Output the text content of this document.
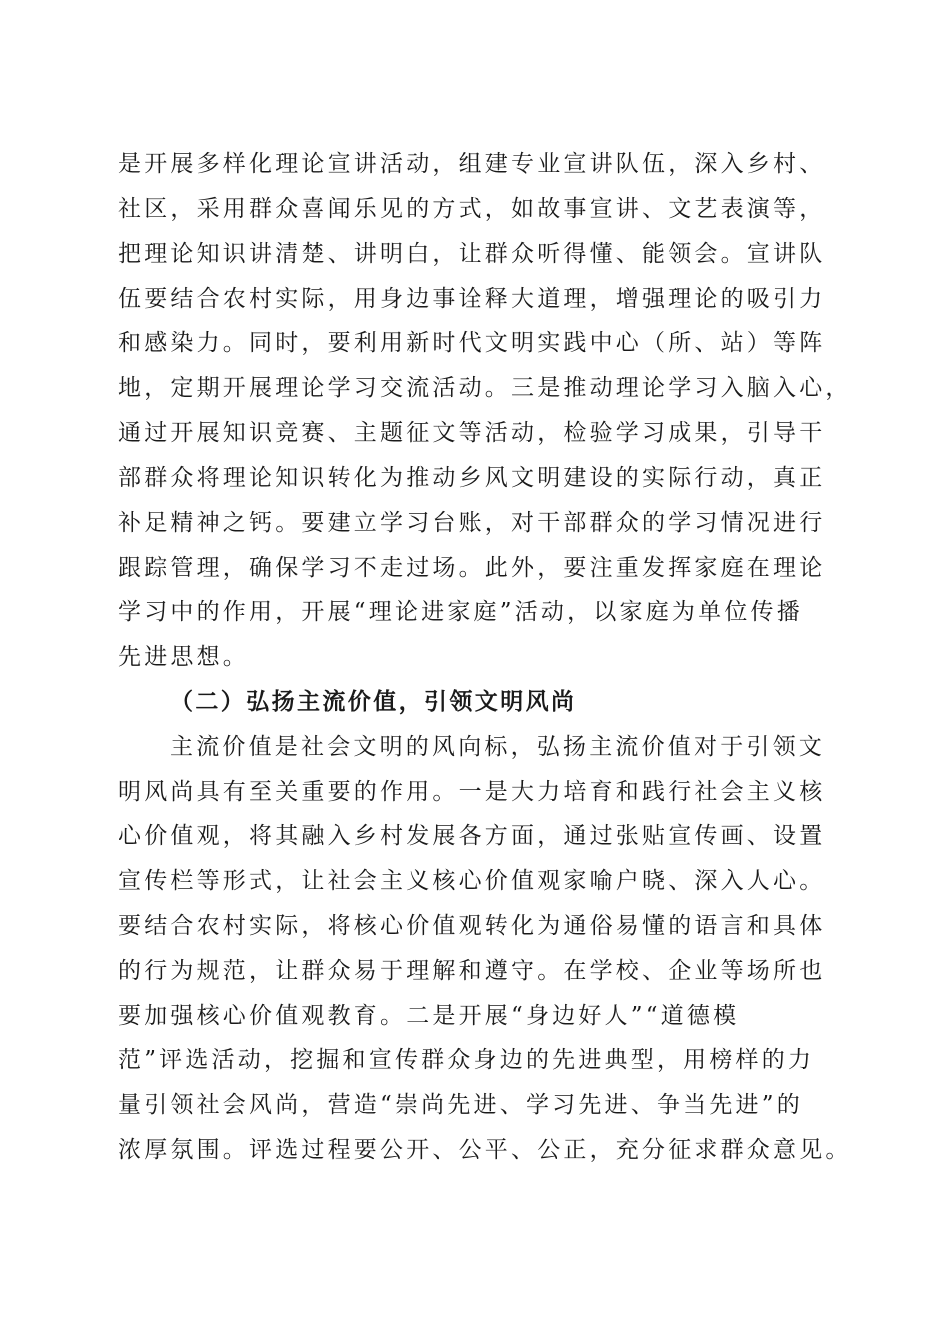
是开展多样化理论宣讲活动，组建专业宣讲队伍，深入乡村、
社区，采用群众喜闻乐见的方式，如故事宣讲、文艺表演等，
把理论知识讲清楚、讲明白，让群众听得懂、能领会。宣讲队
伍要结合农村实际，用身边事诠释大道理，增强理论的吸引力
和感染力。同时，要利用新时代文明实践中心（所、站）等阵
地，定期开展理论学习交流活动。三是推动理论学习入脑入心，
通过开展知识竞赛、主题征文等活动，检验学习成果，引导干
部群众将理论知识转化为推动乡风文明建设的实际行动，真正
补足精神之钙。要建立学习台账，对干部群众的学习情况进行
跟踪管理，确保学习不走过场。此外，要注重发挥家庭在理论
学习中的作用，开展“理论进家庭”活动，以家庭为单位传播
先进思想。
（二）弘扬主流价值，引领文明风尚
主流价值是社会文明的风向标，弘扬主流价值对于引领文
明风尚具有至关重要的作用。一是大力培育和践行社会主义核
心价值观，将其融入乡村发展各方面，通过张贴宣传画、设置
宣传栏等形式，让社会主义核心价值观家喻户晓、深入人心。
要结合农村实际，将核心价值观转化为通俗易懂的语言和具体
的行为规范，让群众易于理解和遵守。在学校、企业等场所也
要加强核心价值观教育。二是开展“身边好人”“道德模
范”评选活动，挖掘和宣传群众身边的先进典型，用榜样的力
量引领社会风尚，营造“崇尚先进、学习先进、争当先进”的
浓厚氛围。评选过程要公开、公平、公正，充分征求群众意见。
